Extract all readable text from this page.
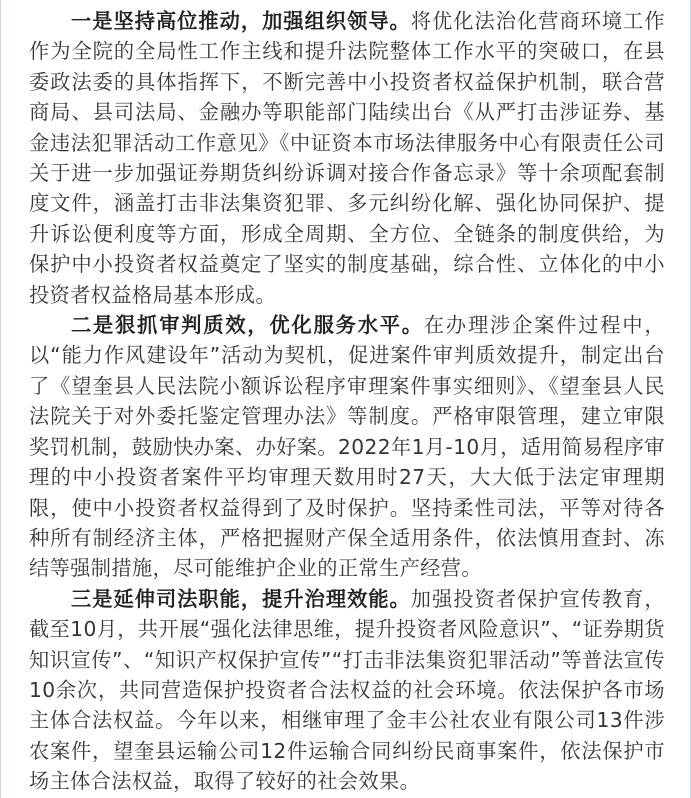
一是坚持高位推动，加强组织领导。将优化法治化营商环境工作作为全院的全局性工作主线和提升法院整体工作水平的突破口，在县委政法委的具体指挥下，不断完善中小投资者权益保护机制，联合营商局、县司法局、金融办等职能部门陆续出台《从严打击涉证券、基金违法犯罪活动工作意见》《中证资本市场法律服务中心有限责任公司关于进一步加强证券期货纠纷诉调对接合作备忘录》等十余项配套制度文件，涵盖打击非法集资犯罪、多元纠纷化解、强化协同保护、提升诉讼便利度等方面，形成全周期、全方位、全链条的制度供给，为保护中小投资者权益奠定了坚实的制度基础，综合性、立体化的中小投资者权益格局基本形成。

二是狠抓审判质效，优化服务水平。在办理涉企案件过程中，以“能力作风建设年”活动为契机，促进案件审判质效提升，制定出台了《望奎县人民法院小额诉讼程序审理案件事实细则》、《望奎县人民法院关于对外委托鉴定管理办法》等制度。严格审限管理，建立审限奖罚机制，鼓励快办案、办好案。2022年1月-10月，适用简易程序审理的中小投资者案件平均审理天数用时27天，大大低于法定审理期限，使中小投资者权益得到了及时保护。坚持柔性司法，平等对待各种所有制经济主体，严格把握财产保全适用条件，依法慎用查封、冻结等强制措施，尽可能维护企业的正常生产经营。

三是延伸司法职能，提升治理效能。加强投资者保护宣传教育，截至10月，共开展“强化法律思维，提升投资者风险意识”、“证券期货知识宣传”、“知识产权保护宣传”“打击非法集资犯罪活动”等普法宣传10余次，共同营造保护投资者合法权益的社会环境。依法保护各市场主体合法权益。今年以来，相继审理了金丰公社农业有限公司13件涉农案件，望奎县运输公司12件运输合同纠纷民商事案件，依法保护市场主体合法权益，取得了较好的社会效果。
